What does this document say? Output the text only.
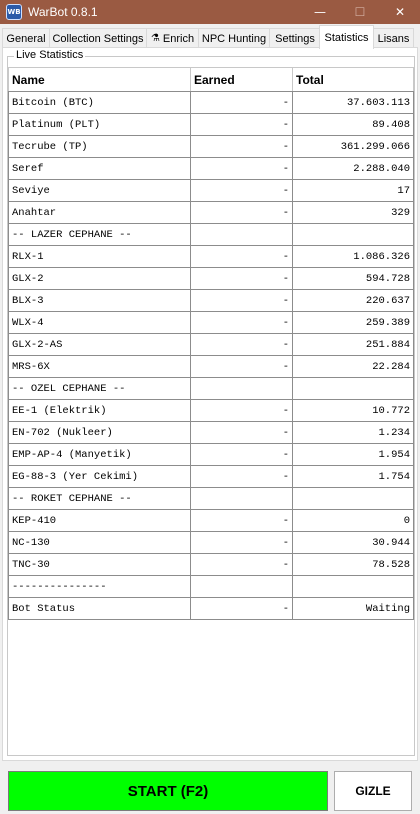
WB WarBot 0.8.1	—	☐	✕
General Collection Settings ⚗ Enrich NPC Hunting Settings Statistics Lisans
Live Statistics
Name	Earned	Total
Bitcoin (BTC)	-	37.603.113
Platinum (PLT)	-	89.408
Tecrube (TP)	-	361.299.066
Seref	-	2.288.040
Seviye	-	17
Anahtar	-	329
-- LAZER CEPHANE --		
RLX-1	-	1.086.326
GLX-2	-	594.728
BLX-3	-	220.637
WLX-4	-	259.389
GLX-2-AS	-	251.884
MRS-6X	-	22.284
-- OZEL CEPHANE --		
EE-1 (Elektrik)	-	10.772
EN-702 (Nukleer)	-	1.234
EMP-AP-4 (Manyetik)	-	1.954
EG-88-3 (Yer Cekimi)	-	1.754
-- ROKET CEPHANE --		
KEP-410	-	0
NC-130	-	30.944
TNC-30	-	78.528
---------------		
Bot Status	-	Waiting
START (F2)	GIZLE
